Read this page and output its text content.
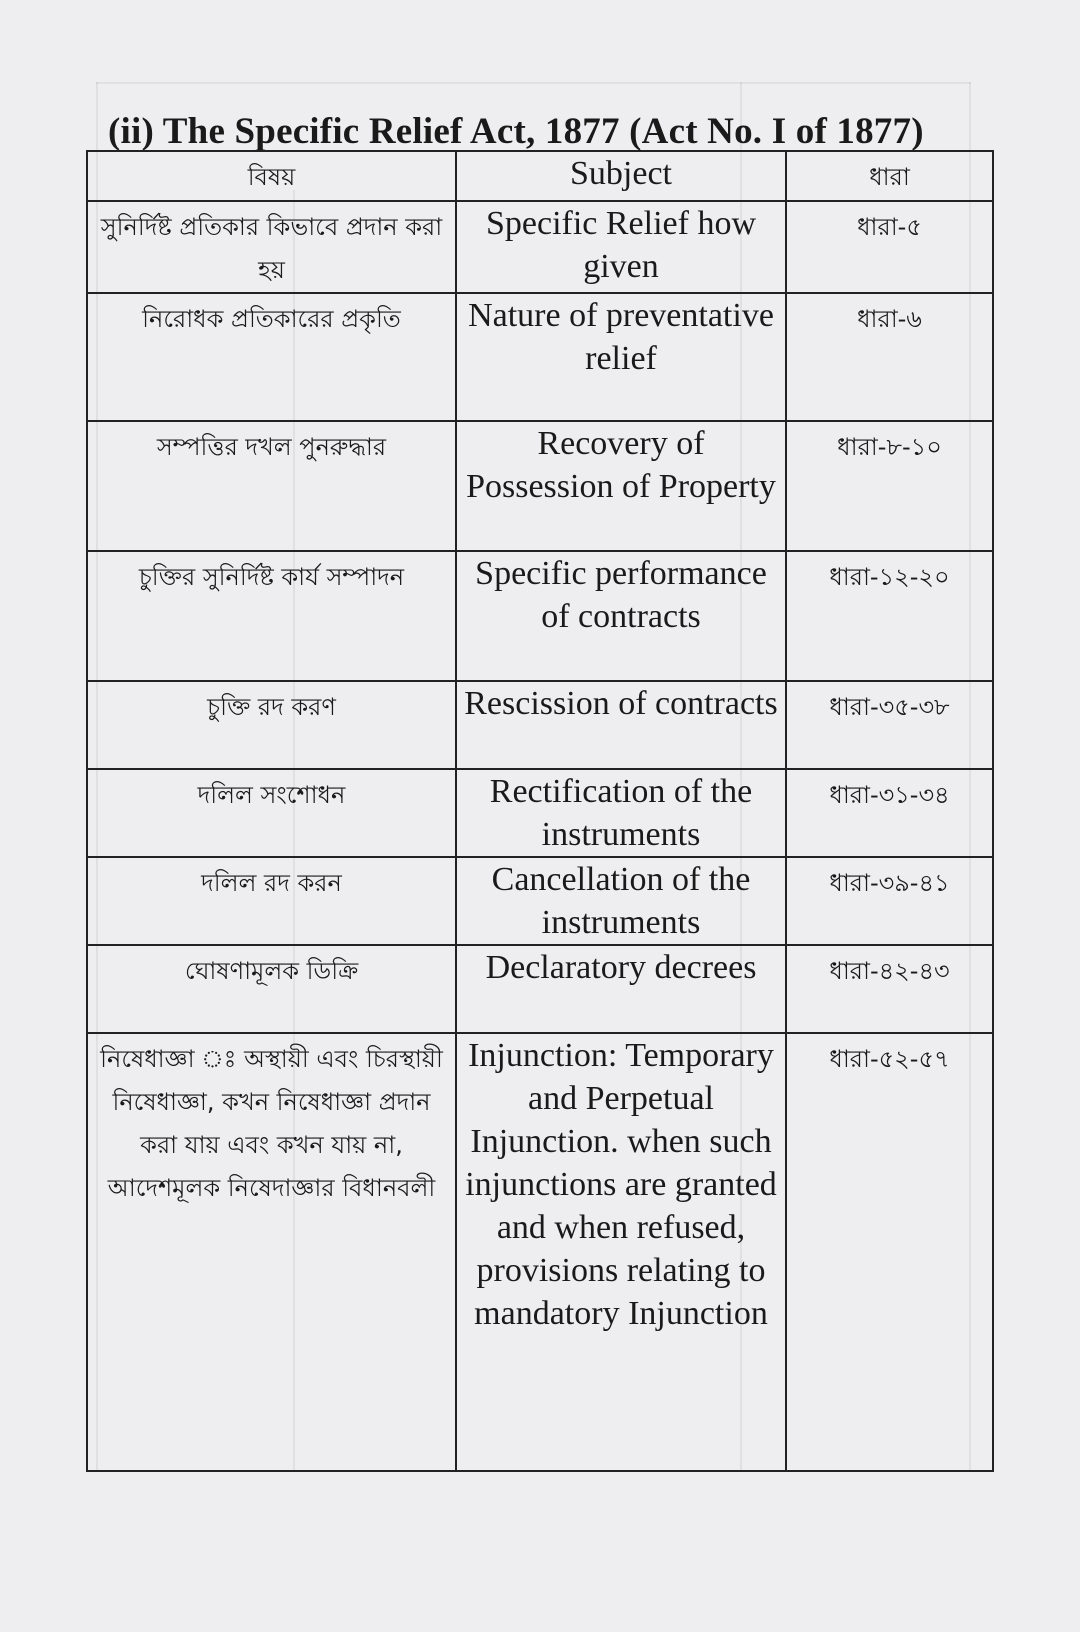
(ii) The Specific Relief Act, 1877 (Act No. I of 1877)
বিষয়	Subject	ধারা
সুনির্দিষ্ট প্রতিকার কিভাবে প্রদান করা হয়	Specific Relief how given	ধারা-৫
নিরোধক প্রতিকারের প্রকৃতি	Nature of preventative relief	ধারা-৬
সম্পত্তির দখল পুনরুদ্ধার	Recovery of Possession of Property	ধারা-৮-১০
চুক্তির সুনির্দিষ্ট কার্য সম্পাদন	Specific performance of contracts	ধারা-১২-২০
চুক্তি রদ করণ	Rescission of contracts	ধারা-৩৫-৩৮
দলিল সংশোধন	Rectification of the instruments	ধারা-৩১-৩৪
দলিল রদ করন	Cancellation of the instruments	ধারা-৩৯-৪১
ঘোষণামূলক ডিক্রি	Declaratory decrees	ধারা-৪২-৪৩
নিষেধাজ্ঞা ঃ অস্থায়ী এবং চিরস্থায়ী নিষেধাজ্ঞা, কখন নিষেধাজ্ঞা প্রদান করা যায় এবং কখন যায় না, আদেশমূলক নিষেদাজ্ঞার বিধানবলী	Injunction: Temporary and Perpetual Injunction. when such injunctions are granted and when refused, provisions relating to mandatory Injunction	ধারা-৫২-৫৭
